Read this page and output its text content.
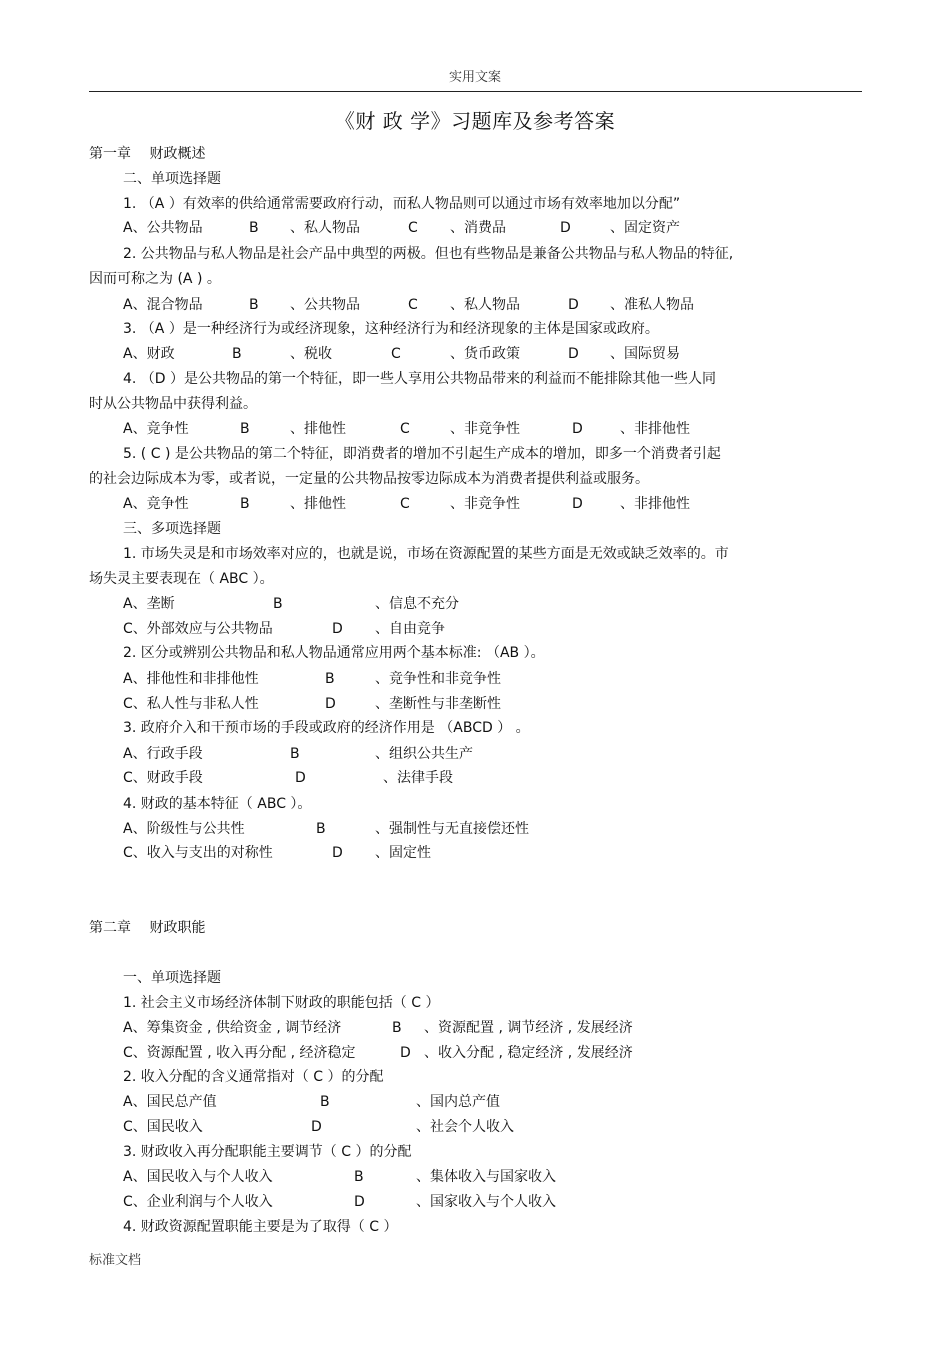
实用文案
《财 政 学》习题库及参考答案
第一章　 财政概述
二、单项选择题
1. （A ）有效率的供给通常需要政府行动，而私人物品则可以通过市场有效率地加以分配”
A、公共物品	B 、私人物品	C 、消费品	D	、固定资产
2. 公共物品与私人物品是社会产品中典型的两极。但也有些物品是兼备公共物品与私人物品的特征,
因而可称之为 (A ) 。
A、混合物品	B 、公共物品	C 、私人物品	D 、准私人物品
3. （A ）是一种经济行为或经济现象，这种经济行为和经济现象的主体是国家或政府。
A、财政	B	、税收	C	、货币政策	D 、国际贸易
4. （D ）是公共物品的第一个特征，即一些人享用公共物品带来的利益而不能排除其他一些人同
时从公共物品中获得利益。
A、竞争性	B	、排他性	C	、非竞争性	D	、非排他性
5. ( C ) 是公共物品的第二个特征，即消费者的增加不引起生产成本的增加，即多一个消费者引起
的社会边际成本为零，或者说，一定量的公共物品按零边际成本为消费者提供利益或服务。
A、竞争性	B	、排他性	C	、非竞争性	D	、非排他性
三、多项选择题
1. 市场失灵是和市场效率对应的，也就是说，市场在资源配置的某些方面是无效或缺乏效率的。市
场失灵主要表现在（ ABC ）。
A、垄断	B	、信息不充分
C、外部效应与公共物品	D 、自由竞争
2. 区分或辨别公共物品和私人物品通常应用两个基本标准: （AB ）。
A、排他性和非排他性	B	、竞争性和非竞争性
C、私人性与非私人性	D	、垄断性与非垄断性
3. 政府介入和干预市场的手段或政府的经济作用是 （ABCD ） 。
A、行政手段	B	、组织公共生产
C、财政手段	D	、法律手段
4. 财政的基本特征（ ABC ）。
A、阶级性与公共性	B	、强制性与无直接偿还性
C、收入与支出的对称性	D 、固定性
第二章　 财政职能
一、单项选择题
1. 社会主义市场经济体制下财政的职能包括（ C ）
A、筹集资金 , 供给资金 , 调节经济	B 、资源配置 , 调节经济 , 发展经济
C、资源配置 , 收入再分配 , 经济稳定	D 、收入分配 , 稳定经济 , 发展经济
2. 收入分配的含义通常指对（ C ）的分配
A、国民总产值	B	、国内总产值
C、国民收入	D	、社会个人收入
3. 财政收入再分配职能主要调节（ C ）的分配
A、国民收入与个人收入	B	、集体收入与国家收入
C、企业利润与个人收入	D	、国家收入与个人收入
4. 财政资源配置职能主要是为了取得（ C ）
标准文档
